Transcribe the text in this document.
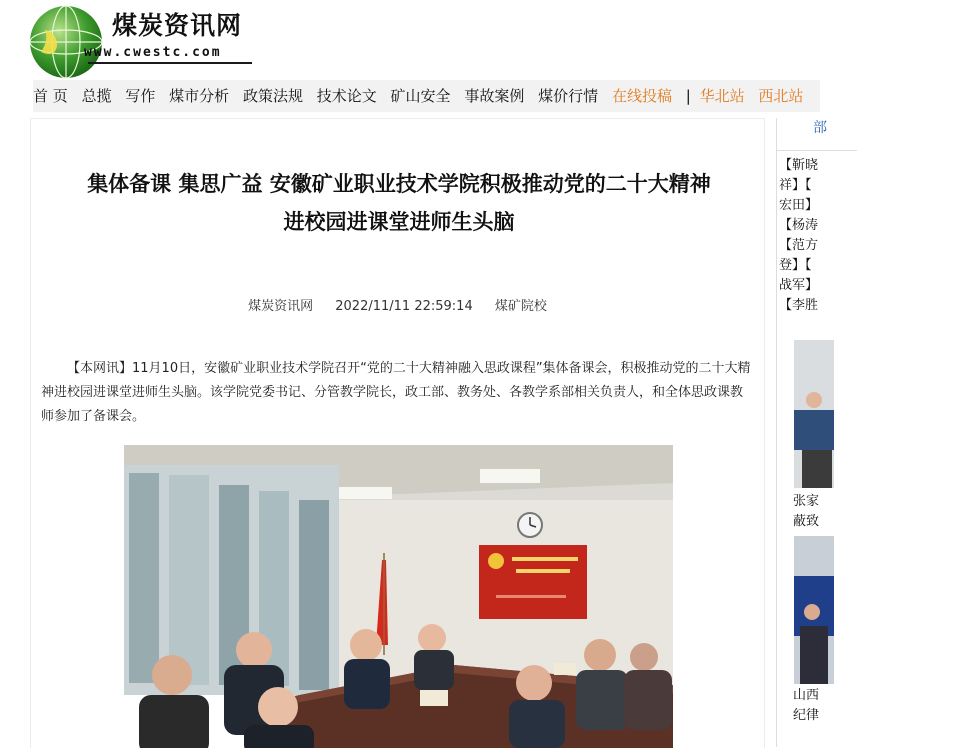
煤炭资讯网
www.cwestc.com
首 页 总揽 写作 煤市分析 政策法规 技术论文 矿山安全 事故案例 煤价行情 在线投稿 | 华北站 西北站
集体备课 集思广益 安徽矿业职业技术学院积极推动党的二十大精神
进校园进课堂进师生头脑
煤炭资讯网 2022/11/11 22:59:14 煤矿院校
【本网讯】11月10日，安徽矿业职业技术学院召开“党的二十大精神融入思政课程”集体备课会，积极推动党的二十大精神进校园进课堂进师生头脑。该学院党委书记、分管教学院长，政工部、教务处、各教学系部相关负责人，和全体思政课教师参加了备课会。
部
【靳晓
祥】【
宏田】
【杨涛
【范方
登】【
战军】
【李胜
张家
蔽致
山西
纪律
